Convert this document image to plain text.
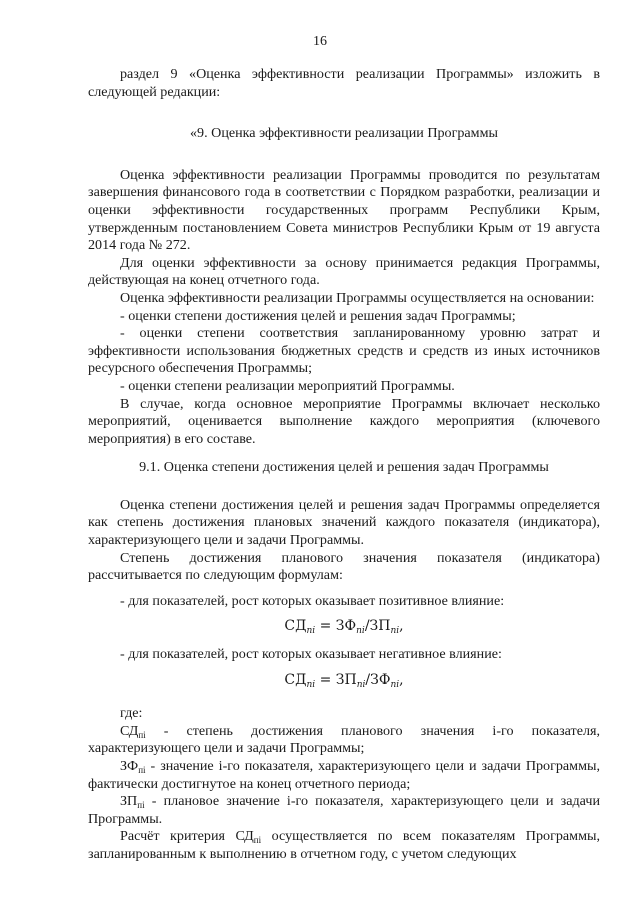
16

раздел 9 «Оценка эффективности реализации Программы» изложить в следующей редакции:

«9. Оценка эффективности реализации Программы

Оценка эффективности реализации Программы проводится по результатам завершения финансового года в соответствии с Порядком разработки, реализации и оценки эффективности государственных программ Республики Крым, утвержденным постановлением Совета министров Республики Крым от 19 августа 2014 года № 272.

Для оценки эффективности за основу принимается редакция Программы, действующая на конец отчетного года.

Оценка эффективности реализации Программы осуществляется на основании:

- оценки степени достижения целей и решения задач Программы;

- оценки степени соответствия запланированному уровню затрат и эффективности использования бюджетных средств и средств из иных источников ресурсного обеспечения Программы;

- оценки степени реализации мероприятий Программы.

В случае, когда основное мероприятие Программы включает несколько мероприятий, оценивается выполнение каждого мероприятия (ключевого мероприятия) в его составе.

9.1. Оценка степени достижения целей и решения задач Программы

Оценка степени достижения целей и решения задач Программы определяется как степень достижения плановых значений каждого показателя (индикатора), характеризующего цели и задачи Программы.

Степень достижения планового значения показателя (индикатора) рассчитывается по следующим формулам:

- для показателей, рост которых оказывает позитивное влияние:

$СД_{пi} = ЗФ_{пi}/ЗП_{пi}$,

- для показателей, рост которых оказывает негативное влияние:

$СД_{пi} = ЗП_{пi}/ЗФ_{пi}$,

где:

$СД_{пі}$ - степень достижения планового значения і-го показателя, характеризующего цели и задачи Программы;

$ЗФ_{пі}$ - значение і-го показателя, характеризующего цели и задачи Программы, фактически достигнутое на конец отчетного периода;

$ЗП_{пі}$ - плановое значение і-го показателя, характеризующего цели и задачи Программы.

Расчёт критерия $СД_{пі}$ осуществляется по всем показателям Программы, запланированным к выполнению в отчетном году, с учетом следующих
